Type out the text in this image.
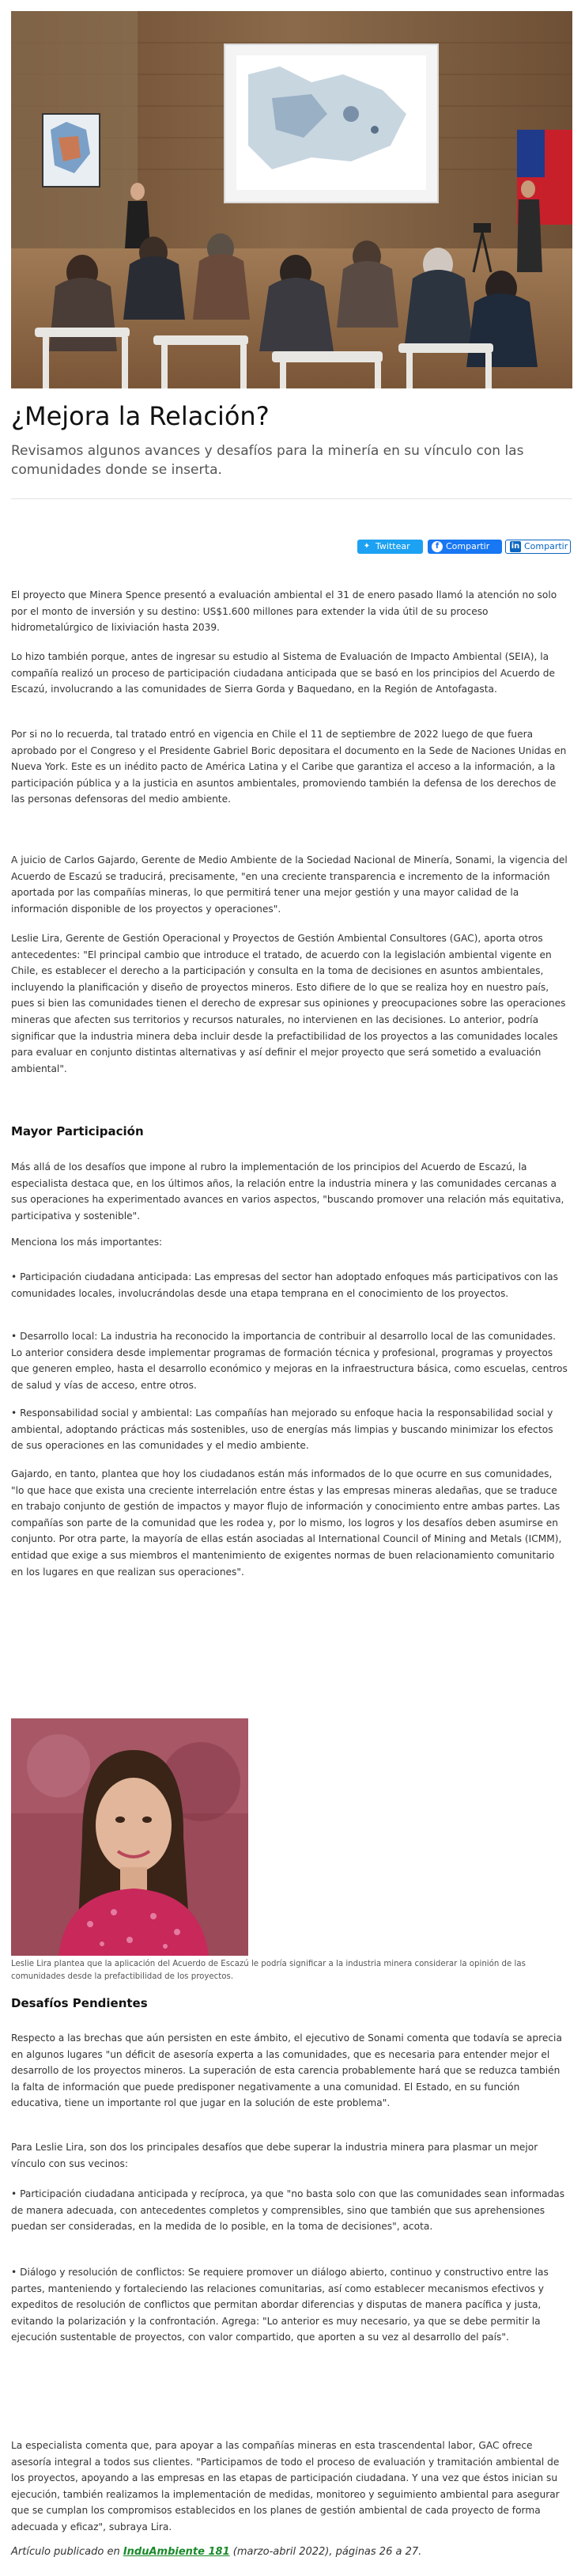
¿Mejora la Relación?

Revisamos algunos avances y desafíos para la minería en su vínculo con las comunidades donde se inserta.

✦ Twittear	f Compartir	in Compartir

El proyecto que Minera Spence presentó a evaluación ambiental el 31 de enero pasado llamó la atención no solo por el monto de inversión y su destino: US$1.600 millones para extender la vida útil de su proceso hidrometalúrgico de lixiviación hasta 2039.

Lo hizo también porque, antes de ingresar su estudio al Sistema de Evaluación de Impacto Ambiental (SEIA), la compañía realizó un proceso de participación ciudadana anticipada que se basó en los principios del Acuerdo de Escazú, involucrando a las comunidades de Sierra Gorda y Baquedano, en la Región de Antofagasta.

Por si no lo recuerda, tal tratado entró en vigencia en Chile el 11 de septiembre de 2022 luego de que fuera aprobado por el Congreso y el Presidente Gabriel Boric depositara el documento en la Sede de Naciones Unidas en Nueva York. Este es un inédito pacto de América Latina y el Caribe que garantiza el acceso a la información, a la participación pública y a la justicia en asuntos ambientales, promoviendo también la defensa de los derechos de las personas defensoras del medio ambiente.

A juicio de Carlos Gajardo, Gerente de Medio Ambiente de la Sociedad Nacional de Minería, Sonami, la vigencia del Acuerdo de Escazú se traducirá, precisamente, "en una creciente transparencia e incremento de la información aportada por las compañías mineras, lo que permitirá tener una mejor gestión y una mayor calidad de la información disponible de los proyectos y operaciones".

Leslie Lira, Gerente de Gestión Operacional y Proyectos de Gestión Ambiental Consultores (GAC), aporta otros antecedentes: "El principal cambio que introduce el tratado, de acuerdo con la legislación ambiental vigente en Chile, es establecer el derecho a la participación y consulta en la toma de decisiones en asuntos ambientales, incluyendo la planificación y diseño de proyectos mineros. Esto difiere de lo que se realiza hoy en nuestro país, pues si bien las comunidades tienen el derecho de expresar sus opiniones y preocupaciones sobre las operaciones mineras que afecten sus territorios y recursos naturales, no intervienen en las decisiones. Lo anterior, podría significar que la industria minera deba incluir desde la prefactibilidad de los proyectos a las comunidades locales para evaluar en conjunto distintas alternativas y así definir el mejor proyecto que será sometido a evaluación ambiental".

Mayor Participación

Más allá de los desafíos que impone al rubro la implementación de los principios del Acuerdo de Escazú, la especialista destaca que, en los últimos años, la relación entre la industria minera y las comunidades cercanas a sus operaciones ha experimentado avances en varios aspectos, "buscando promover una relación más equitativa, participativa y sostenible".

Menciona los más importantes:

• Participación ciudadana anticipada: Las empresas del sector han adoptado enfoques más participativos con las comunidades locales, involucrándolas desde una etapa temprana en el conocimiento de los proyectos.

• Desarrollo local: La industria ha reconocido la importancia de contribuir al desarrollo local de las comunidades. Lo anterior considera desde implementar programas de formación técnica y profesional, programas y proyectos que generen empleo, hasta el desarrollo económico y mejoras en la infraestructura básica, como escuelas, centros de salud y vías de acceso, entre otros.

• Responsabilidad social y ambiental: Las compañías han mejorado su enfoque hacia la responsabilidad social y ambiental, adoptando prácticas más sostenibles, uso de energías más limpias y buscando minimizar los efectos de sus operaciones en las comunidades y el medio ambiente.

Gajardo, en tanto, plantea que hoy los ciudadanos están más informados de lo que ocurre en sus comunidades, "lo que hace que exista una creciente interrelación entre éstas y las empresas mineras aledañas, que se traduce en trabajo conjunto de gestión de impactos y mayor flujo de información y conocimiento entre ambas partes. Las compañías son parte de la comunidad que les rodea y, por lo mismo, los logros y los desafíos deben asumirse en conjunto. Por otra parte, la mayoría de ellas están asociadas al International Council of Mining and Metals (ICMM), entidad que exige a sus miembros el mantenimiento de exigentes normas de buen relacionamiento comunitario en los lugares en que realizan sus operaciones".

Leslie Lira plantea que la aplicación del Acuerdo de Escazú le podría significar a la industria minera considerar la opinión de las comunidades desde la prefactibilidad de los proyectos.

Desafíos Pendientes

Respecto a las brechas que aún persisten en este ámbito, el ejecutivo de Sonami comenta que todavía se aprecia en algunos lugares "un déficit de asesoría experta a las comunidades, que es necesaria para entender mejor el desarrollo de los proyectos mineros. La superación de esta carencia probablemente hará que se reduzca también la falta de información que puede predisponer negativamente a una comunidad. El Estado, en su función educativa, tiene un importante rol que jugar en la solución de este problema".

Para Leslie Lira, son dos los principales desafíos que debe superar la industria minera para plasmar un mejor vínculo con sus vecinos:

• Participación ciudadana anticipada y recíproca, ya que "no basta solo con que las comunidades sean informadas de manera adecuada, con antecedentes completos y comprensibles, sino que también que sus aprehensiones puedan ser consideradas, en la medida de lo posible, en la toma de decisiones", acota.

• Diálogo y resolución de conflictos: Se requiere promover un diálogo abierto, continuo y constructivo entre las partes, manteniendo y fortaleciendo las relaciones comunitarias, así como establecer mecanismos efectivos y expeditos de resolución de conflictos que permitan abordar diferencias y disputas de manera pacífica y justa, evitando la polarización y la confrontación. Agrega: "Lo anterior es muy necesario, ya que se debe permitir la ejecución sustentable de proyectos, con valor compartido, que aporten a su vez al desarrollo del país".

La especialista comenta que, para apoyar a las compañías mineras en esta trascendental labor, GAC ofrece asesoría integral a todos sus clientes. "Participamos de todo el proceso de evaluación y tramitación ambiental de los proyectos, apoyando a las empresas en las etapas de participación ciudadana. Y una vez que éstos inician su ejecución, también realizamos la implementación de medidas, monitoreo y seguimiento ambiental para asegurar que se cumplan los compromisos establecidos en los planes de gestión ambiental de cada proyecto de forma adecuada y eficaz", subraya Lira.

Artículo publicado en InduAmbiente 181 (marzo-abril 2022), páginas 26 a 27.
